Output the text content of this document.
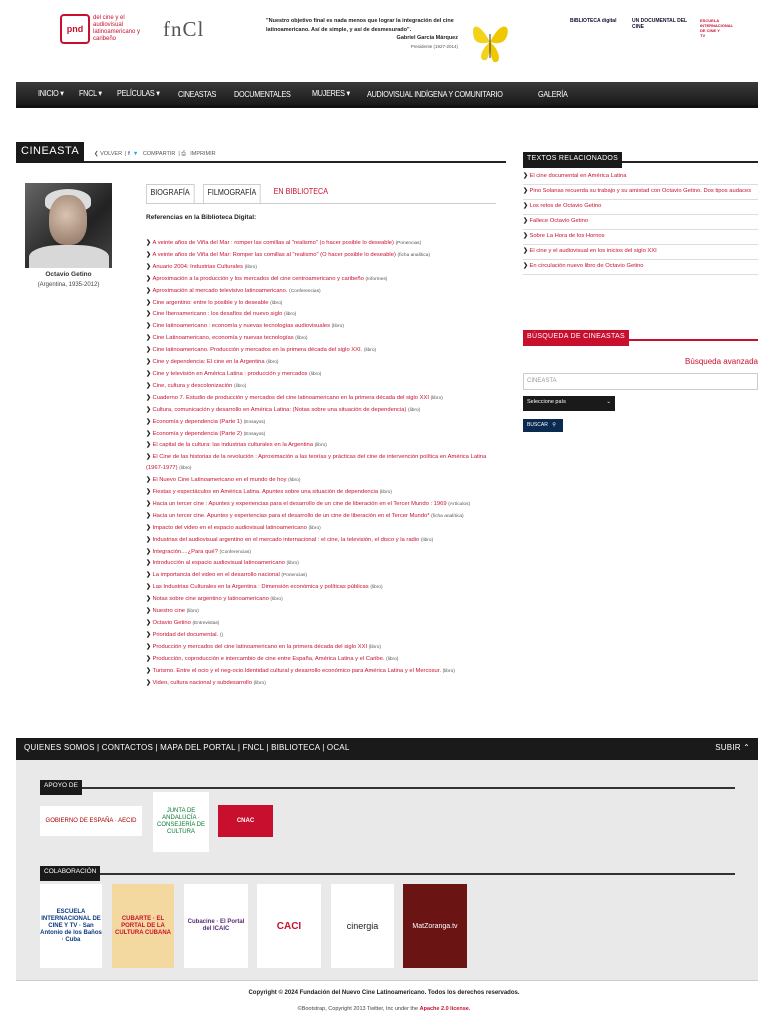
pnd
del cine y el audiovisual latinoamericano y caribeño	fnCl	"Nuestro objetivo final es nada menos que lograr la integración del cine latinoamericano. Así de simple, y así de desmesurado".
Gabriel García Márquez
Presidente (1927-2014)
BIBLIOTECA digital	UN DOCUMENTAL DEL CINE
ESCUELA INTERNACIONAL DE CINE Y TV
INICIO ▾ FNCL ▾ PELÍCULAS ▾ CINEASTAS DOCUMENTALES MUJERES ▾ AUDIOVISUAL INDÍGENA Y COMUNITARIO	GALERÍA
CINEASTA	❮ VOLVER | f ▼ COMPARTIR | ⎙ IMPRIMIR
Octavio Getino
(Argentina, 1935-2012)
BIOGRAFÍA	FILMOGRAFÍA	EN BIBLIOTECA
Referencias en la Biblioteca Digital:
❯ A veinte años de Viña del Mar : romper las comillas al "realismo" (o hacer posible lo deseable) (Ponencias)
❯ A veinte años de Viña del Mar: Romper las comillas al "realismo" (O hacer posible lo deseable) (ficha analítica)
❯ Anuario 2004: Industrias Culturales (libro)
❯ Aproximación a la producción y los mercados del cine centroamericano y caribeño (Informes)
❯ Aproximación al mercado televisivo latinoamericano. (Conferencias)
❯ Cine argentino: entre lo posible y lo deseable (libro)
❯ Cine Iberoamericano : los desafíos del nuevo siglo (libro)
❯ Cine latinoamericano : economía y nuevas tecnologías audiovisuales (libro)
❯ Cine Latinoamericano, economía y nuevas tecnologías (libro)
❯ Cine latinoamericano. Producción y mercados en la primera década del siglo XXI. (libro)
❯ Cine y dependencia: El cine en la Argentina (libro)
❯ Cine y televisión en América Latina : producción y mercados (libro)
❯ Cine, cultura y descolonización (libro)
❯ Cuaderno 7. Estudio de producción y mercados del cine latinoamericano en la primera década del siglo XXI (libro)
❯ Cultura, comunicación y desarrollo en América Latina: (Notas sobre una situación de dependencia) (libro)
❯ Economía y dependencia (Parte 1) (Ensayos)
❯ Economía y dependencia (Parte 2) (Ensayos)
❯ El capital de la cultura: las industrias culturales en la Argentina (libro)
❯ El Cine de las historias de la revolución : Aproximación a las teorías y prácticas del cine de intervención política en América Latina (1967-1977) (libro)
❯ El Nuevo Cine Latinoamericano en el mundo de hoy (libro)
❯ Fiestas y espectáculos en América Latina. Apuntes sobre una situación de dependencia (libro)
❯ Hacia un tercer cine : Apuntes y experiencias para el desarrollo de un cine de liberación en el Tercer Mundo : 1969 (Artículos)
❯ Hacia un tercer cine. Apuntes y experiencias para el desarrollo de un cine de liberación en el Tercer Mundo* (ficha analítica)
❯ Impacto del video en el espacio audiovisual latinoamericano (libro)
❯ Industrias del audiovisual argentino en el mercado internacional : el cine, la televisión, el disco y la radio (libro)
❯ Integración....¿Para qué? (Conferencias)
❯ Introducción al espacio audiovisual latinoamericano (libro)
❯ La importancia del video en el desarrollo nacional (Ponencias)
❯ Las Industrias Culturales en la Argentina : Dimensión económica y políticas públicas (libro)
❯ Notas sobre cine argentino y latinoamericano (libro)
❯ Nuestro cine (libro)
❯ Octavio Getino (Entrevistas)
❯ Prioridad del documental. ()
❯ Producción y mercados del cine latinoamericano en la primera década del siglo XXI (libro)
❯ Producción, coproducción e intercambio de cine entre España, América Latina y el Caribe. (libro)
❯ Turismo. Entre el ocio y el neg-ocio.Identidad cultural y desarrollo económico para América Latina y el Mercosur. (libro)
❯ Video, cultura nacional y subdesarrollo (libro)
TEXTOS RELACIONADOS
❯ El cine documental en América Latina
❯ Pino Solanas recuerda su trabajo y su amistad con Octavio Getino. Dos tipos audaces
❯ Los retos de Octavio Getino
❯ Fallece Octavio Getino
❯ Sobre La Hora de los Hornos
❯ El cine y el audiovisual en los inicios del siglo XXI
❯ En circulación nuevo libro de Octavio Getino
BÚSQUEDA DE CINEASTAS
Búsqueda avanzada
CINEASTA
Seleccione país	⌄
BUSCAR ⚲
QUIENES SOMOS | CONTACTOS | MAPA DEL PORTAL | FNCL | BIBLIOTECA | OCAL	SUBIR ⌃
APOYO DE
GOBIERNO DE ESPAÑA · AECID
JUNTA DE ANDALUCÍA · CONSEJERÍA DE CULTURA
CNAC
COLABORACIÓN
ESCUELA INTERNACIONAL DE CINE Y TV · San Antonio de los Baños · Cuba
CUBARTE · EL PORTAL DE LA CULTURA CUBANA
Cubacine · El Portal del ICAIC	CACI	cinergia	MatZoranga.tv
Copyright © 2024 Fundación del Nuevo Cine Latinoamericano. Todos los derechos reservados.
©Bootstrap, Copyright 2013 Twitter, Inc under the Apache 2.0 license.
